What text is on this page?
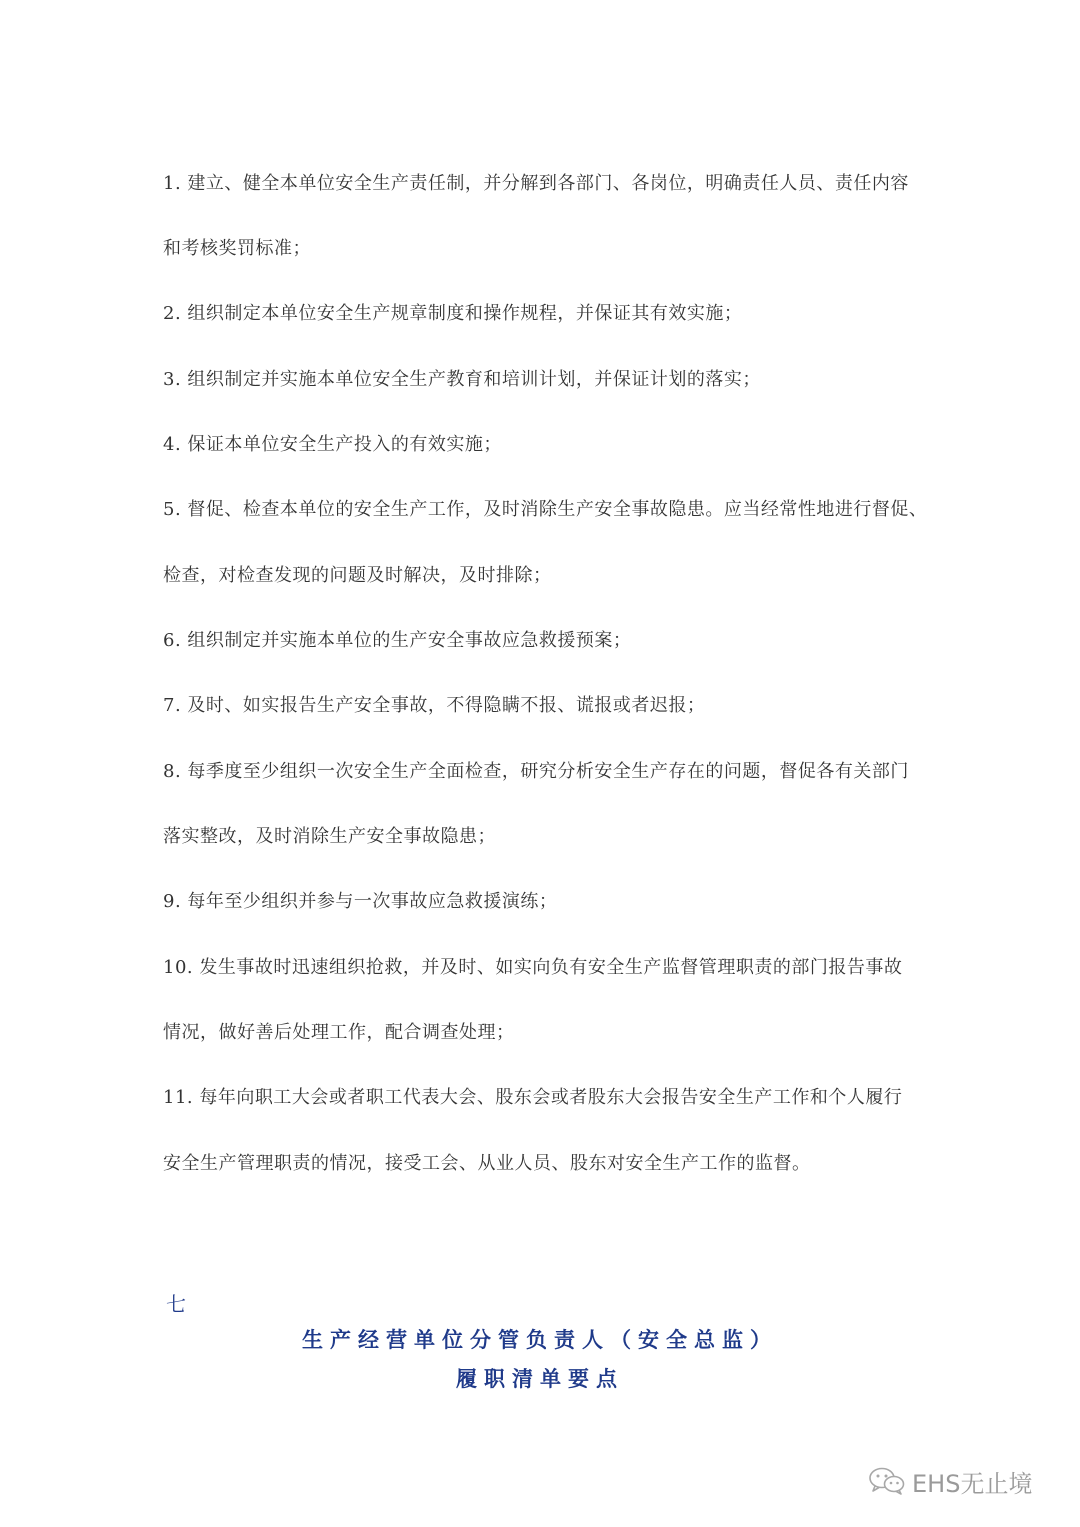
1. 建立、健全本单位安全生产责任制，并分解到各部门、各岗位，明确责任人员、责任内容
和考核奖罚标准；
2. 组织制定本单位安全生产规章制度和操作规程，并保证其有效实施；
3. 组织制定并实施本单位安全生产教育和培训计划，并保证计划的落实；
4. 保证本单位安全生产投入的有效实施；
5. 督促、检查本单位的安全生产工作，及时消除生产安全事故隐患。应当经常性地进行督促、
检查，对检查发现的问题及时解决，及时排除；
6. 组织制定并实施本单位的生产安全事故应急救援预案；
7. 及时、如实报告生产安全事故，不得隐瞒不报、谎报或者迟报；
8. 每季度至少组织一次安全生产全面检查，研究分析安全生产存在的问题，督促各有关部门
落实整改，及时消除生产安全事故隐患；
9. 每年至少组织并参与一次事故应急救援演练；
10. 发生事故时迅速组织抢救，并及时、如实向负有安全生产监督管理职责的部门报告事故
情况，做好善后处理工作，配合调查处理；
11. 每年向职工大会或者职工代表大会、股东会或者股东大会报告安全生产工作和个人履行
安全生产管理职责的情况，接受工会、从业人员、股东对安全生产工作的监督。
七
生产经营单位分管负责人（安全总监）
履职清单要点
EHS无止境
